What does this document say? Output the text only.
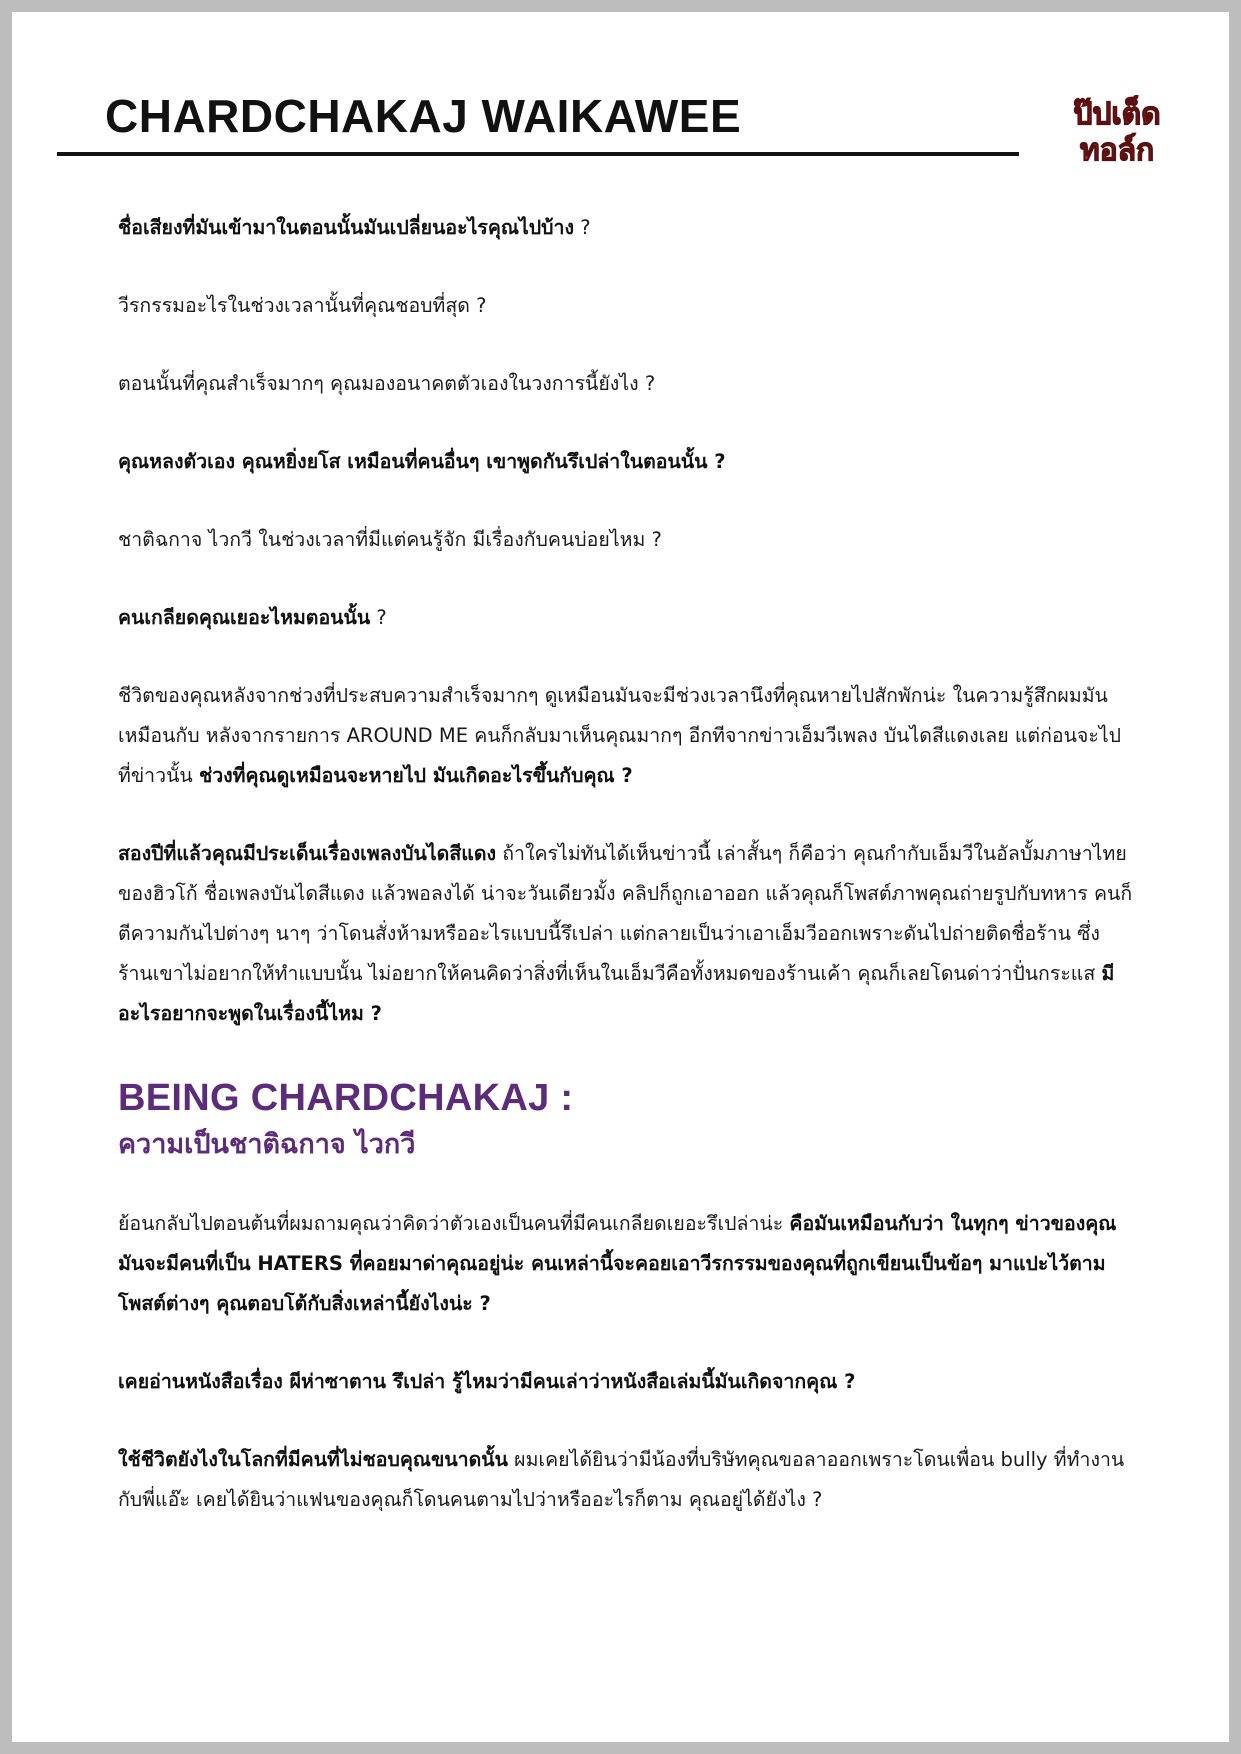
CHARDCHAKAJ WAIKAWEE	ป๊ปเต็ด
ทอล์ก

ชื่อเสียงที่มันเข้ามาในตอนนั้นมันเปลี่ยนอะไรคุณไปบ้าง ?

วีรกรรมอะไรในช่วงเวลานั้นที่คุณชอบที่สุด ?

ตอนนั้นที่คุณสำเร็จมากๆ คุณมองอนาคตตัวเองในวงการนี้ยังไง ?

คุณหลงตัวเอง คุณหยิ่งยโส เหมือนที่คนอื่นๆ เขาพูดกันรึเปล่าในตอนนั้น ?

ชาติฉกาจ ไวกวี ในช่วงเวลาที่มีแต่คนรู้จัก มีเรื่องกับคนบ่อยไหม ?

คนเกลียดคุณเยอะไหมตอนนั้น ?

ชีวิตของคุณหลังจากช่วงที่ประสบความสำเร็จมากๆ ดูเหมือนมันจะมีช่วงเวลานึงที่คุณหายไปสักพักน่ะ ในความรู้สึกผมมันเหมือนกับ หลังจากรายการ AROUND ME คนก็กลับมาเห็นคุณมากๆ อีกทีจากข่าวเอ็มวีเพลง บันไดสีแดงเลย แต่ก่อนจะไปที่ข่าวนั้น ช่วงที่คุณดูเหมือนจะหายไป มันเกิดอะไรขึ้นกับคุณ ?

สองปีที่แล้วคุณมีประเด็นเรื่องเพลงบันไดสีแดง ถ้าใครไม่ทันได้เห็นข่าวนี้ เล่าสั้นๆ ก็คือว่า คุณกำกับเอ็มวีในอัลบั้มภาษาไทยของฮิวโก้ ชื่อเพลงบันไดสีแดง แล้วพอลงได้ น่าจะวันเดียวมั้ง คลิปก็ถูกเอาออก แล้วคุณก็โพสต์ภาพคุณถ่ายรูปกับทหาร คนก็ตีความกันไปต่างๆ นาๆ ว่าโดนสั่งห้ามหรืออะไรแบบนี้รึเปล่า แต่กลายเป็นว่าเอาเอ็มวีออกเพราะดันไปถ่ายติดชื่อร้าน ซึ่งร้านเขาไม่อยากให้ทำแบบนั้น ไม่อยากให้คนคิดว่าสิ่งที่เห็นในเอ็มวีคือทั้งหมดของร้านเค้า คุณก็เลยโดนด่าว่าปั่นกระแส มีอะไรอยากจะพูดในเรื่องนี้ไหม ?

BEING CHARDCHAKAJ :
ความเป็นชาติฉกาจ ไวกวี

ย้อนกลับไปตอนต้นที่ผมถามคุณว่าคิดว่าตัวเองเป็นคนที่มีคนเกลียดเยอะรึเปล่าน่ะ คือมันเหมือนกับว่า ในทุกๆ ข่าวของคุณ มันจะมีคนที่เป็น HATERS ที่คอยมาด่าคุณอยู่น่ะ คนเหล่านี้จะคอยเอาวีรกรรมของคุณที่ถูกเขียนเป็นข้อๆ มาแปะไว้ตามโพสต์ต่างๆ คุณตอบโต้กับสิ่งเหล่านี้ยังไงน่ะ ?

เคยอ่านหนังสือเรื่อง ผีห่าซาตาน รึเปล่า รู้ไหมว่ามีคนเล่าว่าหนังสือเล่มนี้มันเกิดจากคุณ ?

ใช้ชีวิตยังไงในโลกที่มีคนที่ไม่ชอบคุณขนาดนั้น ผมเคยได้ยินว่ามีน้องที่บริษัทคุณขอลาออกเพราะโดนเพื่อน bully ที่ทำงานกับพี่แอ๊ะ เคยได้ยินว่าแฟนของคุณก็โดนคนตามไปว่าหรืออะไรก็ตาม คุณอยู่ได้ยังไง ?
